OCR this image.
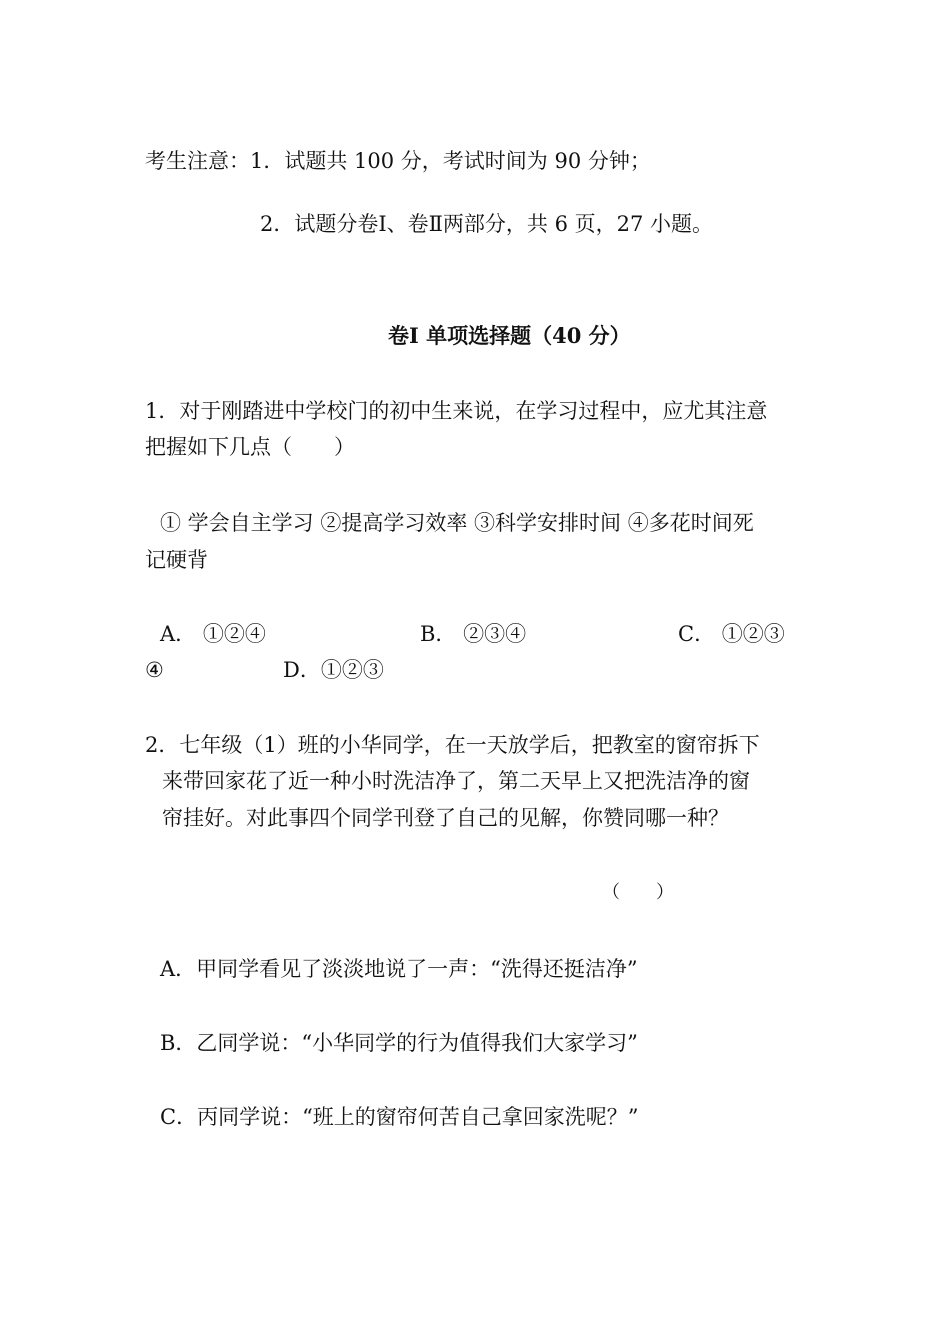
考生注意：1．试题共 100 分，考试时间为 90 分钟；

2．试题分卷Ⅰ、卷Ⅱ两部分，共 6 页，27 小题。

卷Ⅰ 单项选择题（40 分）

1．对于刚踏进中学校门的初中生来说，在学习过程中，应尤其注意

把握如下几点（　　）

① 学会自主学习 ②提高学习效率 ③科学安排时间 ④多花时间死

记硬背

A． ①②④	B． ②③④	C． ①②③

④	D．①②③

2．七年级（1）班的小华同学，在一天放学后，把教室的窗帘拆下

来带回家花了近一种小时洗洁净了，第二天早上又把洗洁净的窗

帘挂好。对此事四个同学刊登了自己的见解，你赞同哪一种？

（　　）

A．甲同学看见了淡淡地说了一声：“洗得还挺洁净”

B．乙同学说：“小华同学的行为值得我们大家学习”

C．丙同学说：“班上的窗帘何苦自己拿回家洗呢？”
